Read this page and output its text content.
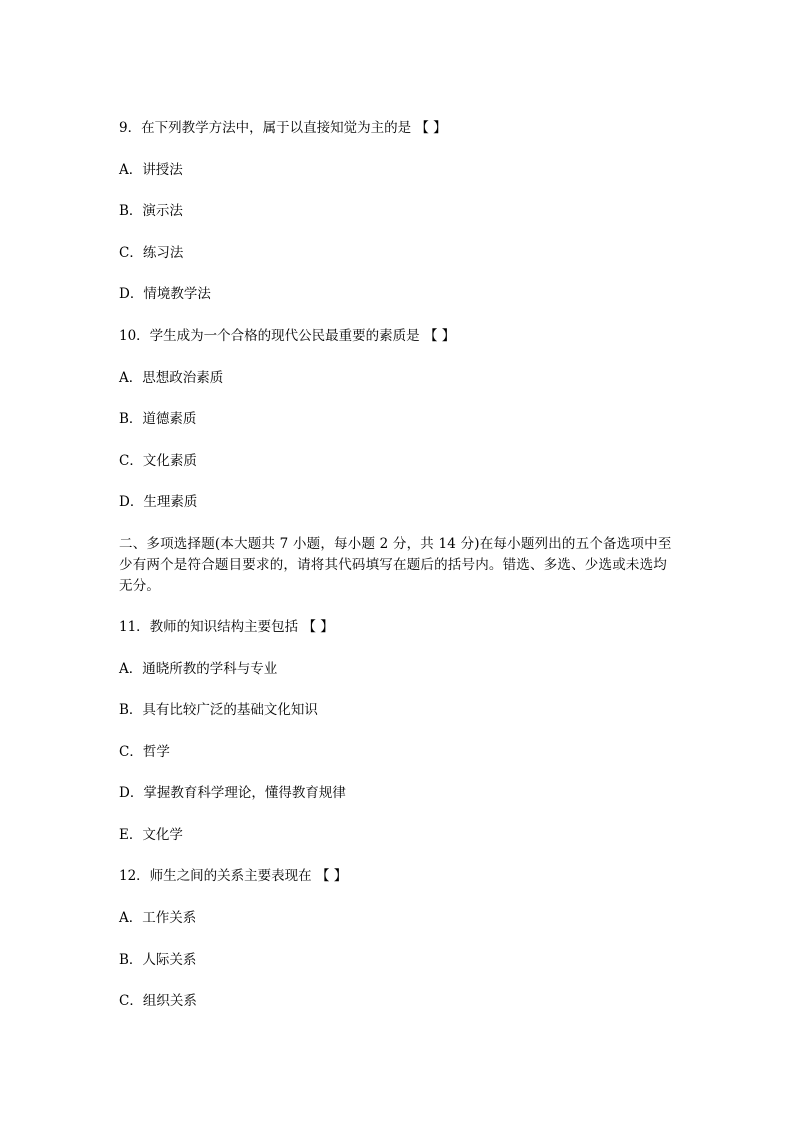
9．在下列教学方法中，属于以直接知觉为主的是 【 】
A．讲授法
B．演示法
C．练习法
D．情境教学法
10．学生成为一个合格的现代公民最重要的素质是 【 】
A．思想政治素质
B．道德素质
C．文化素质
D．生理素质
二、多项选择题(本大题共 7 小题，每小题 2 分，共 14 分)在每小题列出的五个备选项中至少有两个是符合题目要求的，请将其代码填写在题后的括号内。错选、多选、少选或未选均无分。
11．教师的知识结构主要包括 【 】
A．通晓所教的学科与专业
B．具有比较广泛的基础文化知识
C．哲学
D．掌握教育科学理论，懂得教育规律
E．文化学
12．师生之间的关系主要表现在 【 】
A．工作关系
B．人际关系
C．组织关系
